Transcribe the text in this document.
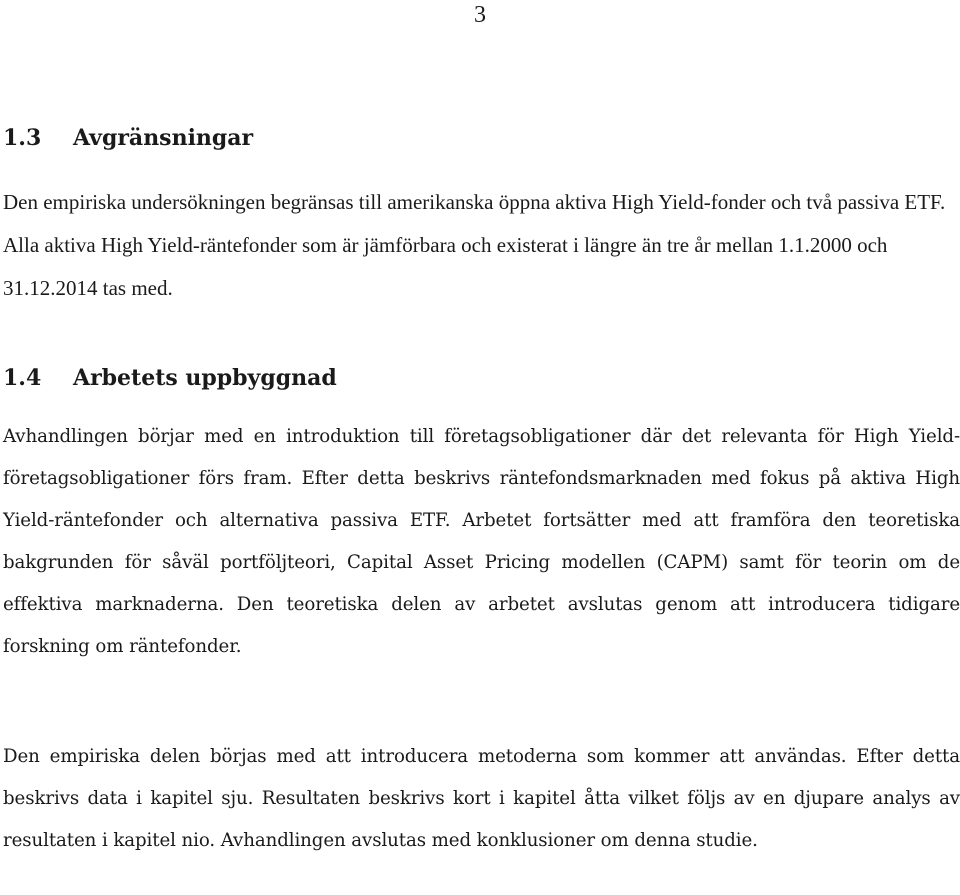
3
1.3 Avgränsningar

Den empiriska undersökningen begränsas till amerikanska öppna aktiva High Yield-fonder och två passiva ETF. Alla aktiva High Yield-räntefonder som är jämförbara och existerat i längre än tre år mellan 1.1.2000 och 31.12.2014 tas med.

1.4 Arbetets uppbyggnad

Avhandlingen börjar med en introduktion till företagsobligationer där det relevanta för High Yield-företagsobligationer förs fram. Efter detta beskrivs räntefondsmarknaden med fokus på aktiva High Yield-räntefonder och alternativa passiva ETF. Arbetet fortsätter med att framföra den teoretiska bakgrunden för såväl portföljteori, Capital Asset Pricing modellen (CAPM) samt för teorin om de effektiva marknaderna. Den teoretiska delen av arbetet avslutas genom att introducera tidigare forskning om räntefonder.

Den empiriska delen börjas med att introducera metoderna som kommer att användas. Efter detta beskrivs data i kapitel sju. Resultaten beskrivs kort i kapitel åtta vilket följs av en djupare analys av resultaten i kapitel nio. Avhandlingen avslutas med konklusioner om denna studie.
